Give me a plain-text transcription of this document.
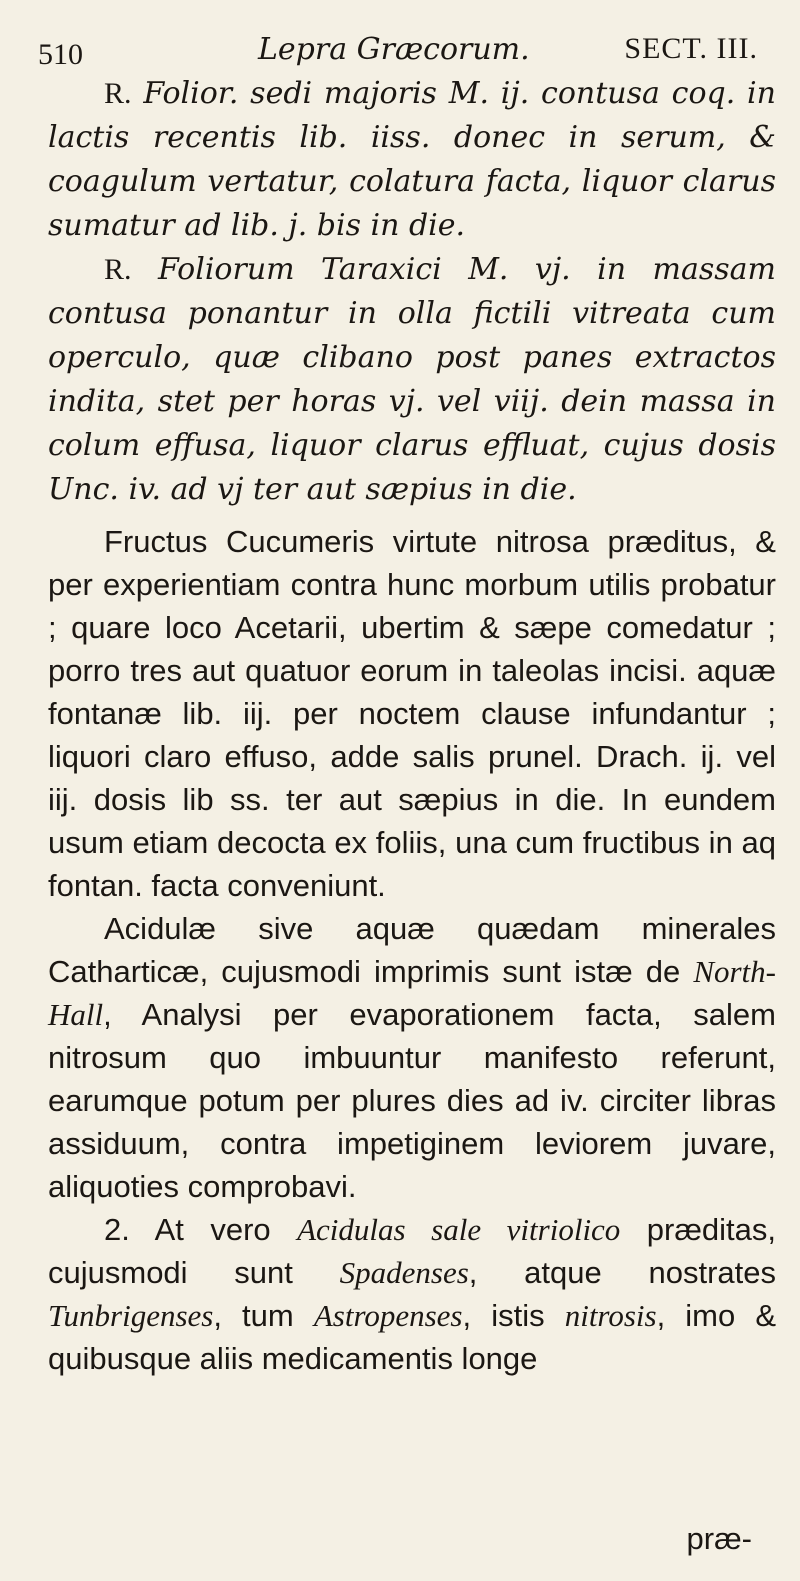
510	Lepra Græcorum.	SECT. III.

R. Folior. sedi majoris M. ij. contusa coq. in lactis recentis lib. iiss. donec in serum, & coagulum vertatur, colatura facta, liquor clarus sumatur ad lib. j. bis in die.

R. Foliorum Taraxici M. vj. in massam contusa ponantur in olla fictili vitreata cum operculo, quæ clibano post panes extractos indita, stet per horas vj. vel viij. dein massa in colum effusa, liquor clarus effluat, cujus dosis Unc. iv. ad vj ter aut sæpius in die.

Fructus Cucumeris virtute nitrosa præditus, & per experientiam contra hunc morbum utilis probatur ; quare loco Acetarii, ubertim & sæpe comedatur ; porro tres aut quatuor eorum in taleolas incisi. aquæ fontanæ lib. iij. per noctem clause infundantur ; liquori claro effuso, adde salis prunel. Drach. ij. vel iij. dosis lib ss. ter aut sæpius in die. In eundem usum etiam decocta ex foliis, una cum fructibus in aq fontan. facta conveniunt.

Acidulæ sive aquæ quædam minerales Catharticæ, cujusmodi imprimis sunt istæ de North-Hall, Analysi per evaporationem facta, salem nitrosum quo imbuuntur manifesto referunt, earumque potum per plures dies ad iv. circiter libras assiduum, contra impetiginem leviorem juvare, aliquoties comprobavi.

2. At vero Acidulas sale vitriolico præditas, cujusmodi sunt Spadenses, atque nostrates Tunbrigenses, tum Astropenses, istis nitrosis, imo & quibusque aliis medicamentis longe

præ-
